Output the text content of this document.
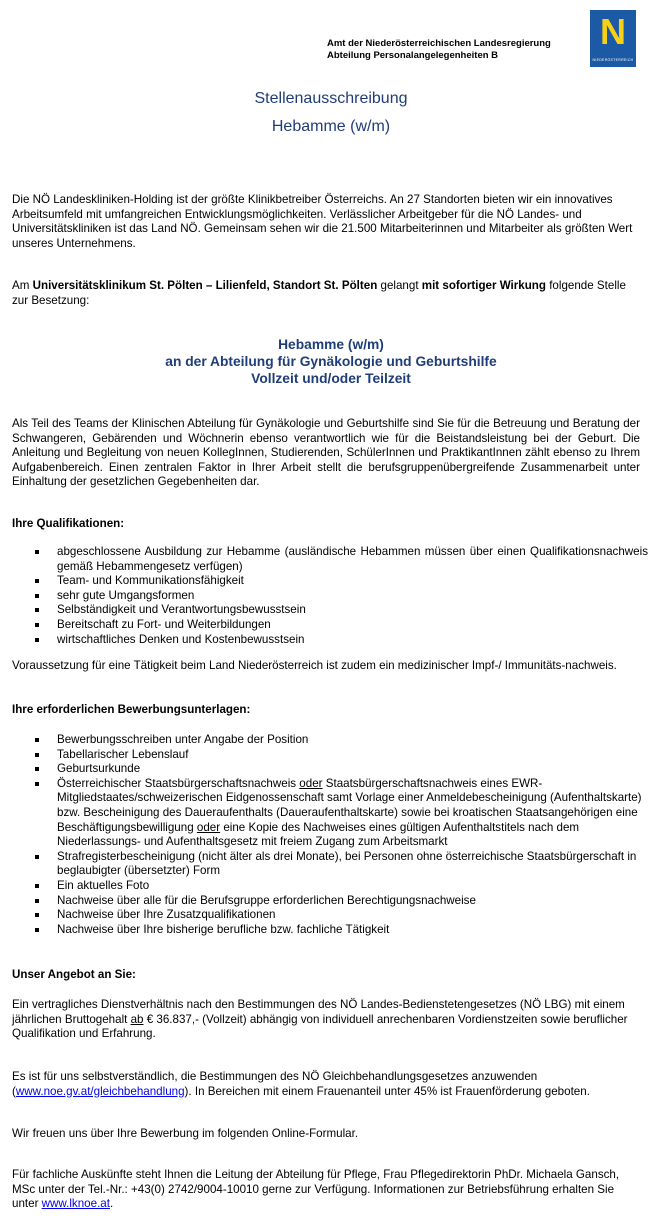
Amt der Niederösterreichischen Landesregierung
Abteilung Personalangelegenheiten B
N
NIEDERÖSTERREICH
Stellenausschreibung
Hebamme (w/m)
Die NÖ Landeskliniken-Holding ist der größte Klinikbetreiber Österreichs. An 27 Standorten bieten wir ein innovatives Arbeitsumfeld mit umfangreichen Entwicklungsmöglichkeiten. Verlässlicher Arbeitgeber für die NÖ Landes- und Universitätskliniken ist das Land NÖ. Gemeinsam sehen wir die 21.500 Mitarbeiterinnen und Mitarbeiter als größten Wert unseres Unternehmens.
Am Universitätsklinikum St. Pölten – Lilienfeld, Standort St. Pölten gelangt mit sofortiger Wirkung folgende Stelle zur Besetzung:
Hebamme (w/m)
an der Abteilung für Gynäkologie und Geburtshilfe
Vollzeit und/oder Teilzeit
Als Teil des Teams der Klinischen Abteilung für Gynäkologie und Geburtshilfe sind Sie für die Betreuung und Beratung der Schwangeren, Gebärenden und Wöchnerin ebenso verantwortlich wie für die Beistandsleistung bei der Geburt. Die Anleitung und Begleitung von neuen KollegInnen, Studierenden, SchülerInnen und PraktikantInnen zählt ebenso zu Ihrem Aufgabenbereich. Einen zentralen Faktor in Ihrer Arbeit stellt die berufsgruppenübergreifende Zusammenarbeit unter Einhaltung der gesetzlichen Gegebenheiten dar.
Ihre Qualifikationen:
abgeschlossene Ausbildung zur Hebamme (ausländische Hebammen müssen über einen Qualifikationsnachweis gemäß Hebammengesetz verfügen)
Team- und Kommunikationsfähigkeit
sehr gute Umgangsformen
Selbständigkeit und Verantwortungsbewusstsein
Bereitschaft zu Fort- und Weiterbildungen
wirtschaftliches Denken und Kostenbewusstsein
Voraussetzung für eine Tätigkeit beim Land Niederösterreich ist zudem ein medizinischer Impf-/ Immunitäts-nachweis.
Ihre erforderlichen Bewerbungsunterlagen:
Bewerbungsschreiben unter Angabe der Position
Tabellarischer Lebenslauf
Geburtsurkunde
Österreichischer Staatsbürgerschaftsnachweis oder Staatsbürgerschaftsnachweis eines EWR-Mitgliedstaates/schweizerischen Eidgenossenschaft samt Vorlage einer Anmeldebescheinigung (Aufenthaltskarte) bzw. Bescheinigung des Daueraufenthalts (Daueraufenthaltskarte) sowie bei kroatischen Staatsangehörigen eine Beschäftigungsbewilligung oder eine Kopie des Nachweises eines gültigen Aufenthaltstitels nach dem Niederlassungs- und Aufenthaltsgesetz mit freiem Zugang zum Arbeitsmarkt
Strafregisterbescheinigung (nicht älter als drei Monate), bei Personen ohne österreichische Staatsbürgerschaft in beglaubigter (übersetzter) Form
Ein aktuelles Foto
Nachweise über alle für die Berufsgruppe erforderlichen Berechtigungsnachweise
Nachweise über Ihre Zusatzqualifikationen
Nachweise über Ihre bisherige berufliche bzw. fachliche Tätigkeit
Unser Angebot an Sie:
Ein vertragliches Dienstverhältnis nach den Bestimmungen des NÖ Landes-Bedienstetengesetzes (NÖ LBG) mit einem jährlichen Bruttogehalt ab € 36.837,- (Vollzeit) abhängig von individuell anrechenbaren Vordienstzeiten sowie beruflicher Qualifikation und Erfahrung.
Es ist für uns selbstverständlich, die Bestimmungen des NÖ Gleichbehandlungsgesetzes anzuwenden (www.noe.gv.at/gleichbehandlung). In Bereichen mit einem Frauenanteil unter 45% ist Frauenförderung geboten.
Wir freuen uns über Ihre Bewerbung im folgenden Online-Formular.
Für fachliche Auskünfte steht Ihnen die Leitung der Abteilung für Pflege, Frau Pflegedirektorin PhDr. Michaela Gansch, MSc unter der Tel.-Nr.: +43(0) 2742/9004-10010 gerne zur Verfügung. Informationen zur Betriebsführung erhalten Sie unter www.lknoe.at.
